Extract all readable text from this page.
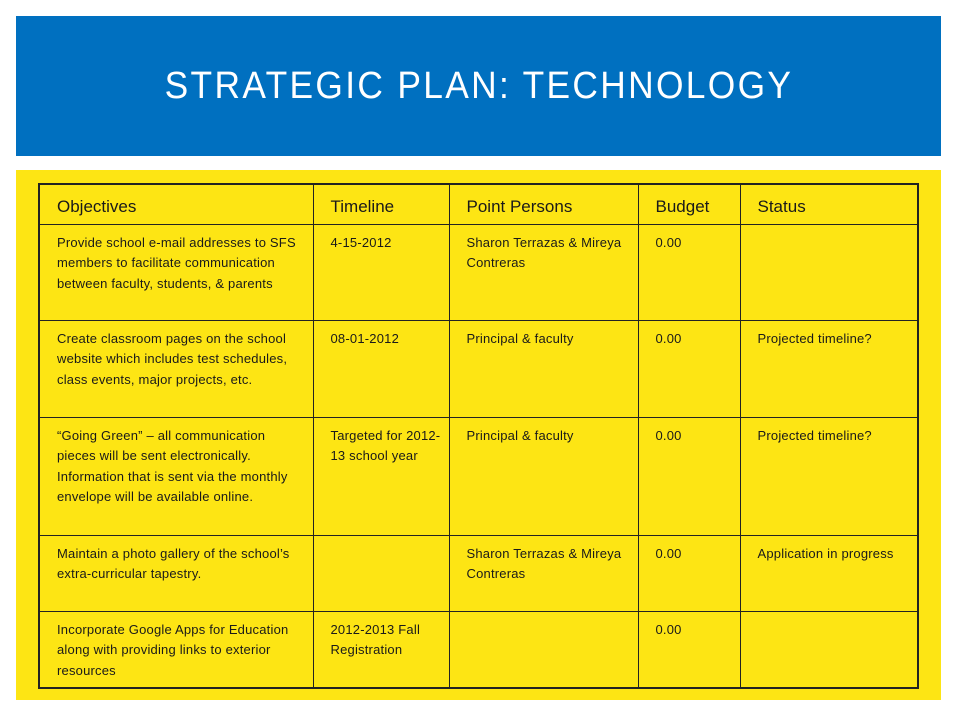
STRATEGIC PLAN: TECHNOLOGY
Objectives	Timeline	Point Persons	Budget	Status
Provide school e-mail addresses to SFS members to facilitate communication between faculty, students, & parents	4-15-2012	Sharon Terrazas & Mireya Contreras	0.00	
Create classroom pages on the school website which includes test schedules, class events, major projects, etc.	08-01-2012	Principal & faculty	0.00	Projected timeline?
“Going Green” – all communication pieces will be sent electronically. Information that is sent via the monthly envelope will be available online.	Targeted for 2012-13 school year	Principal & faculty	0.00	Projected timeline?
Maintain a photo gallery of the school’s extra-curricular tapestry.		Sharon Terrazas & Mireya Contreras	0.00	Application in progress
Incorporate Google Apps for Education along with providing links to exterior resources	2012-2013 Fall Registration		0.00	
